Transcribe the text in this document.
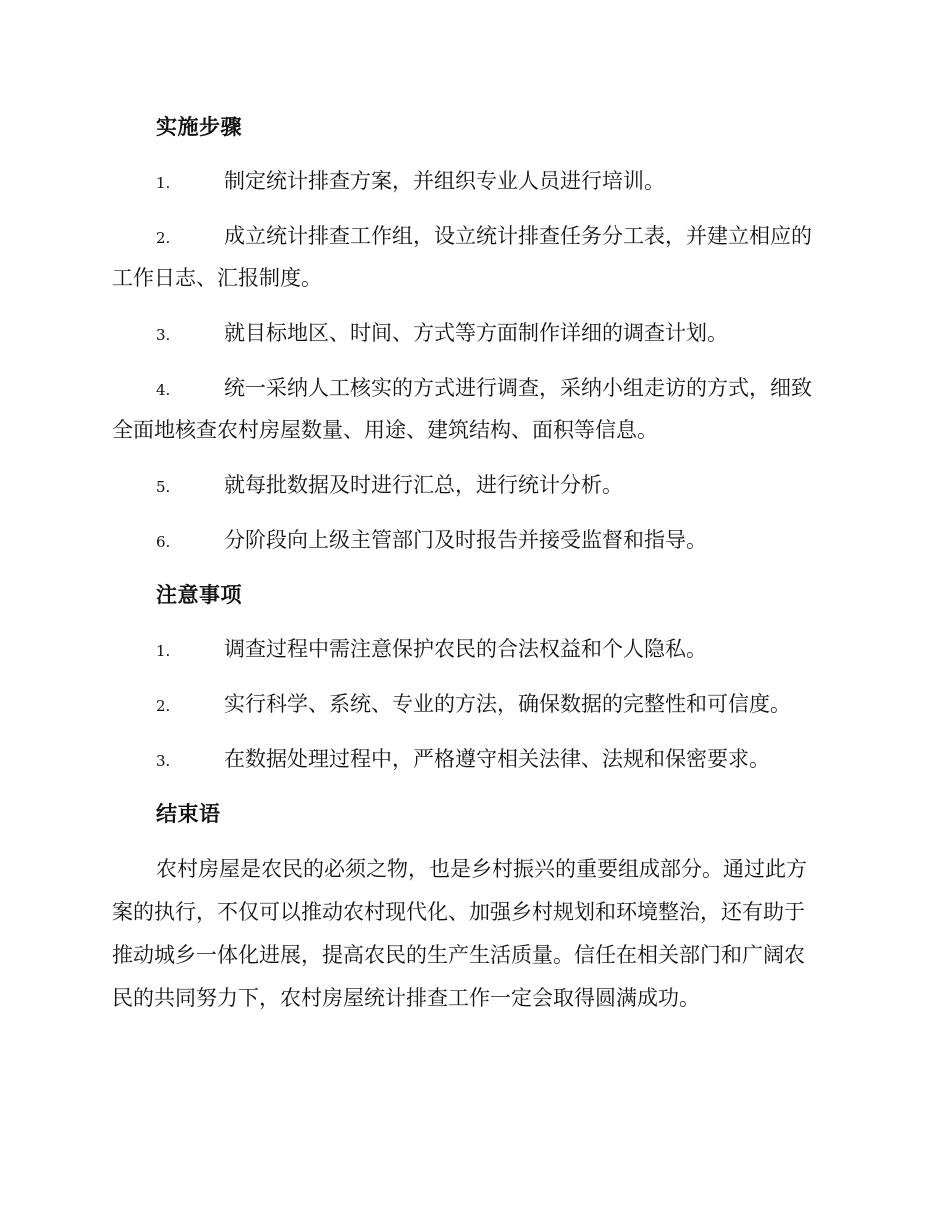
实施步骤
1.	制定统计排查方案，并组织专业人员进行培训。
2.	成立统计排查工作组，设立统计排查任务分工表，并建立相应的
工作日志、汇报制度。
3.	就目标地区、时间、方式等方面制作详细的调查计划。
4.	统一采纳人工核实的方式进行调查，采纳小组走访的方式，细致
全面地核查农村房屋数量、用途、建筑结构、面积等信息。
5.	就每批数据及时进行汇总，进行统计分析。
6.	分阶段向上级主管部门及时报告并接受监督和指导。
注意事项
1.	调查过程中需注意保护农民的合法权益和个人隐私。
2.	实行科学、系统、专业的方法，确保数据的完整性和可信度。
3.	在数据处理过程中，严格遵守相关法律、法规和保密要求。
结束语
农村房屋是农民的必须之物，也是乡村振兴的重要组成部分。通过此方
案的执行，不仅可以推动农村现代化、加强乡村规划和环境整治，还有助于
推动城乡一体化进展，提高农民的生产生活质量。信任在相关部门和广阔农
民的共同努力下，农村房屋统计排查工作一定会取得圆满成功。
